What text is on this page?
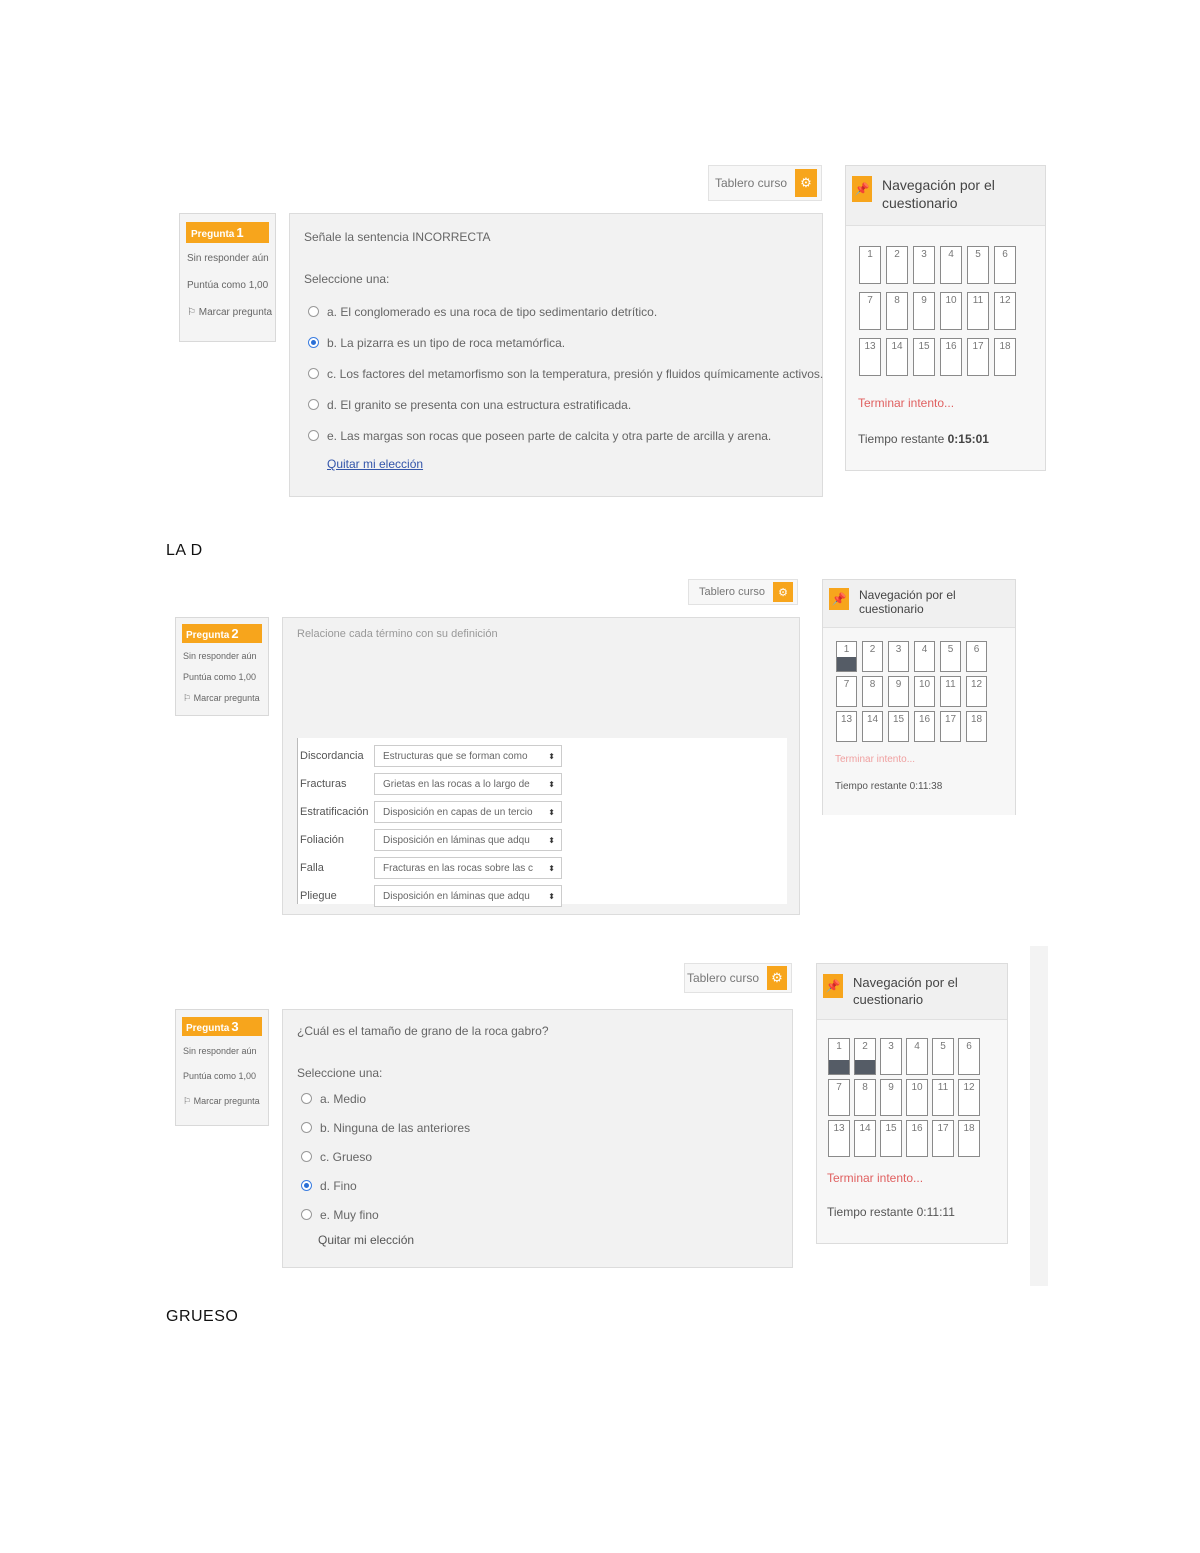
Tablero curso	⚙
Pregunta 1
Sin responder aún
Puntúa como 1,00
⚐ Marcar pregunta
Señale la sentencia INCORRECTA
Seleccione una:
a. El conglomerado es una roca de tipo sedimentario detrítico.
b. La pizarra es un tipo de roca metamórfica.
c. Los factores del metamorfismo son la temperatura, presión y fluidos químicamente activos.
d. El granito se presenta con una estructura estratificada.
e. Las margas son rocas que poseen parte de calcita y otra parte de arcilla y arena.
Quitar mi elección
📌 Navegación por el cuestionario
1	2	3	4	5	6
7	8	9	10	11	12
13	14	15	16	17	18
Terminar intento...
Tiempo restante 0:15:01
LA D
Tablero curso	⚙
Pregunta 2
Sin responder aún
Puntúa como 1,00
⚐ Marcar pregunta
Relacione cada término con su definición
Discordancia	Estructuras que se forman como	⬍
Fracturas	Grietas en las rocas a lo largo de	⬍
Estratificación	Disposición en capas de un tercio	⬍
Foliación	Disposición en láminas que adqu	⬍
Falla	Fracturas en las rocas sobre las c	⬍
Pliegue	Disposición en láminas que adqu	⬍
📌 Navegación por el cuestionario
1	2	3	4	5	6
7	8	9	10	11	12
13	14	15	16	17	18
Terminar intento...
Tiempo restante 0:11:38
Tablero curso ⚙
Pregunta 3
Sin responder aún
Puntúa como 1,00
⚐ Marcar pregunta
¿Cuál es el tamaño de grano de la roca gabro?
Seleccione una:
a. Medio
b. Ninguna de las anteriores
c. Grueso
d. Fino
e. Muy fino
Quitar mi elección
📌 Navegación por el cuestionario
1	2	3	4	5	6
7	8	9	10	11	12
13	14	15	16	17	18
Terminar intento...
Tiempo restante 0:11:11
GRUESO
